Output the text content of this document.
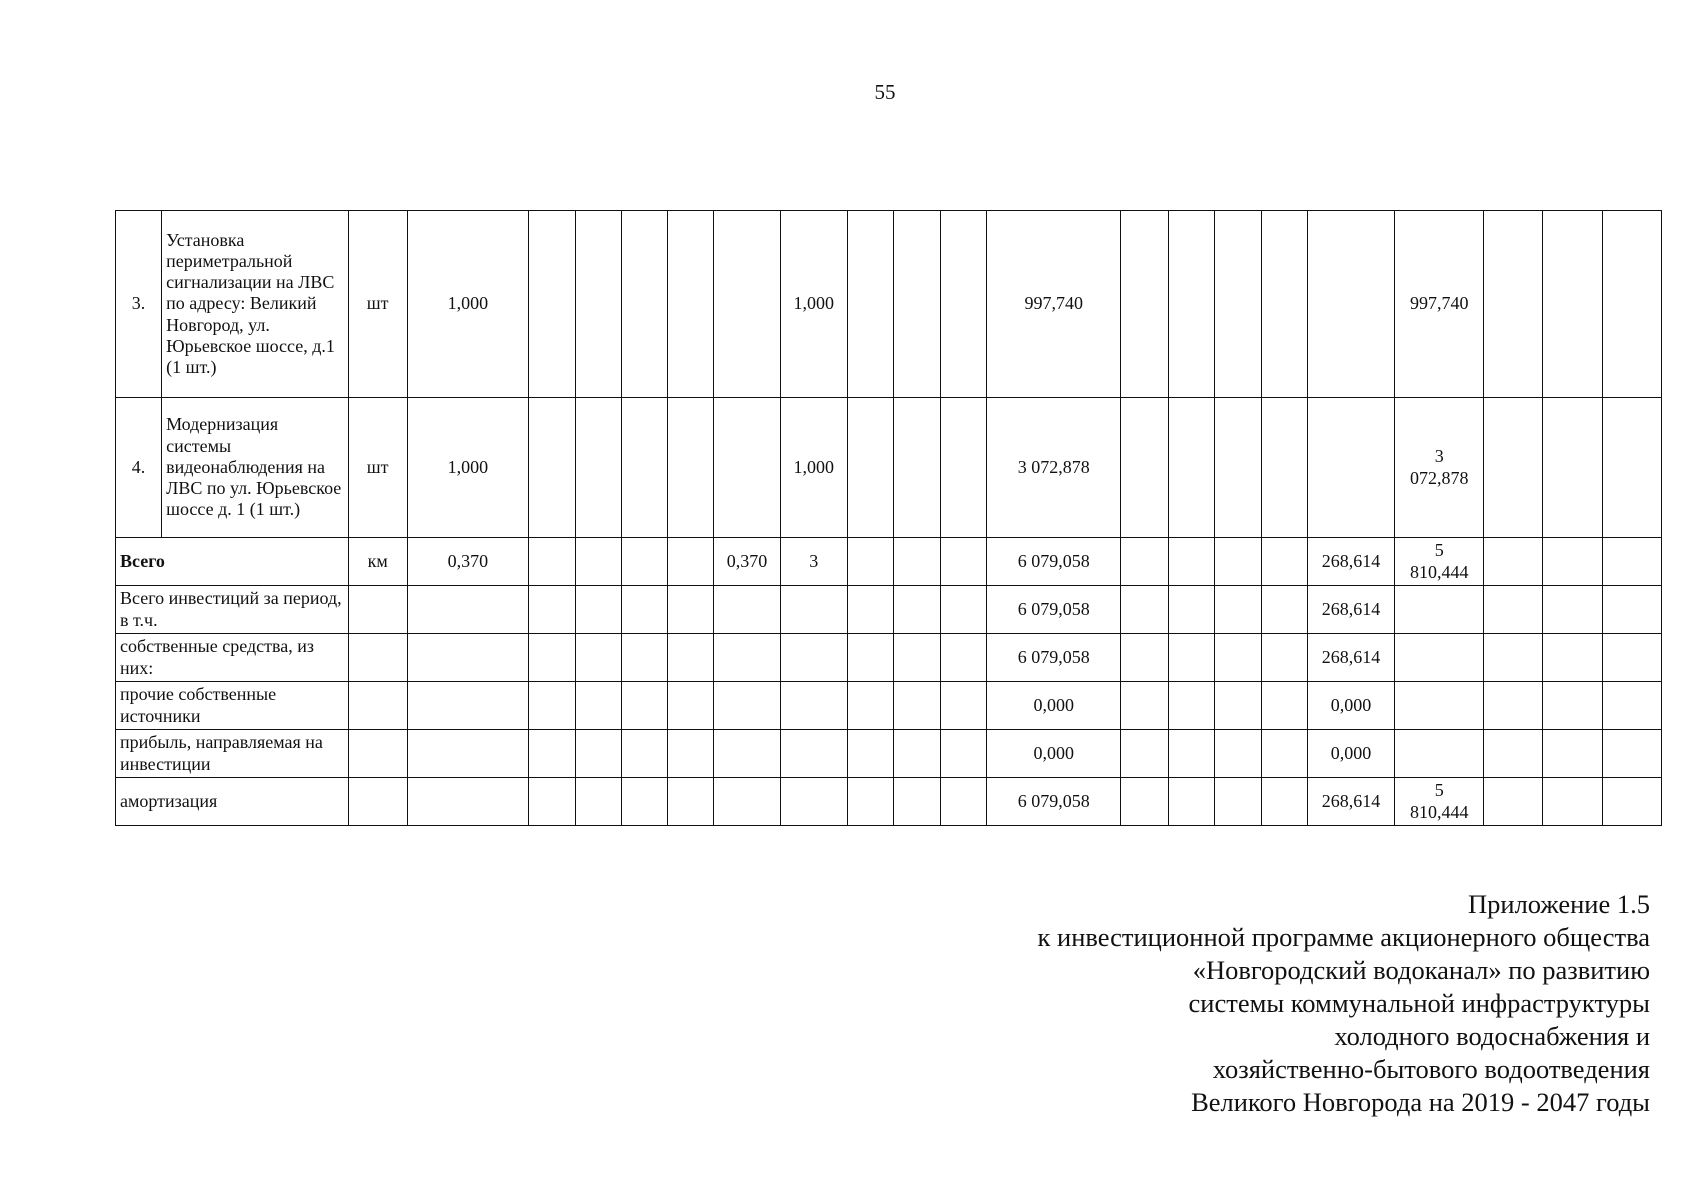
55
3.	Установка периметральной сигнализации на ЛВС по адресу: Великий Новгород, ул. Юрьевское шоссе, д.1 (1 шт.)	шт	1,000						1,000				997,740						997,740			
4.	Модернизация системы видеонаблюдения на ЛВС по ул. Юрьевское шоссе д. 1 (1 шт.)	шт	1,000						1,000				3 072,878						3
072,878			

Всего		км	0,370					0,370	3				6 079,058					268,614	5
810,444			

Всего инвестиций за период, в т.ч.													6 079,058					268,614				
собственные средства, из них:													6 079,058					268,614				
прочие собственные источники													0,000					0,000				
прибыль, направляемая на инвестиции													0,000					0,000				
амортизация													6 079,058					268,614	5
810,444			

Приложение 1.5
к инвестиционной программе акционерного общества
«Новгородский водоканал» по развитию
системы коммунальной инфраструктуры
холодного водоснабжения и
хозяйственно-бытового водоотведения
Великого Новгорода на 2019 - 2047 годы
